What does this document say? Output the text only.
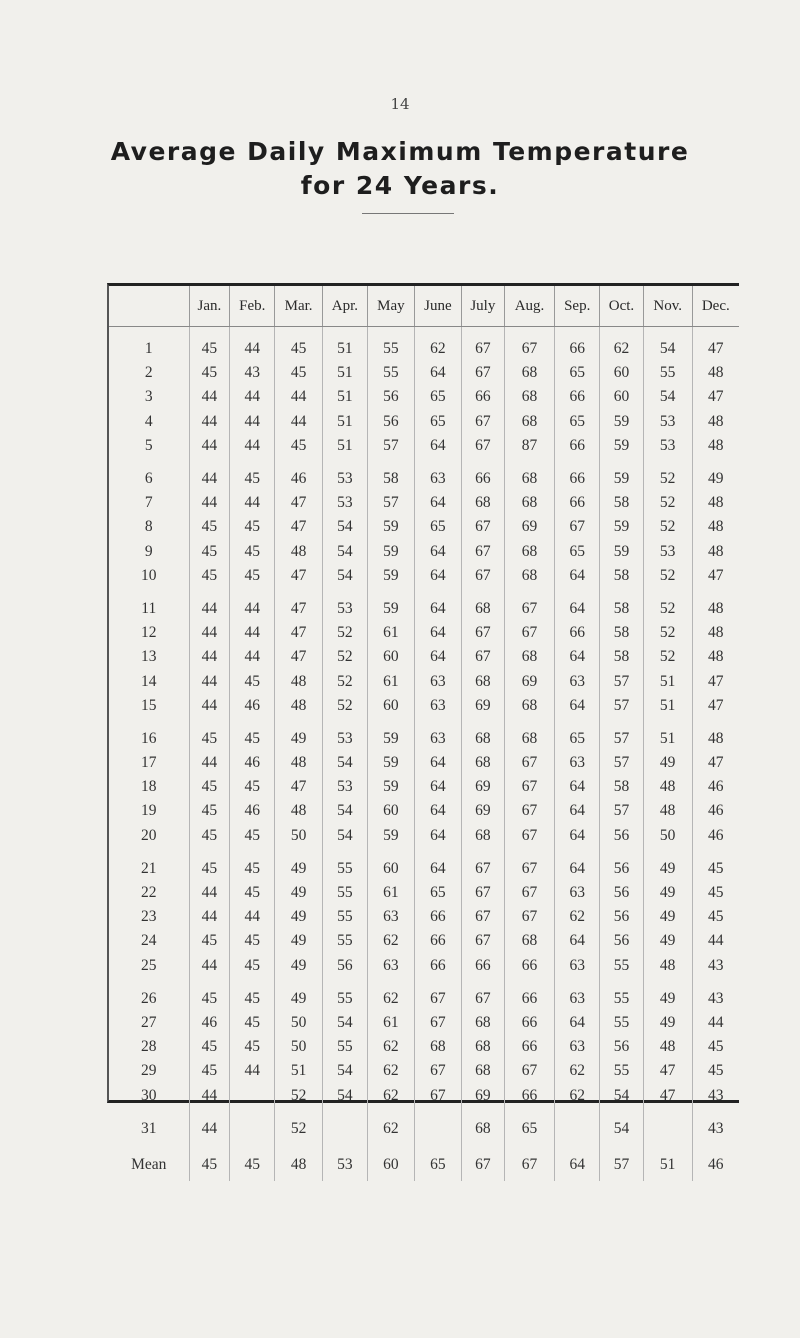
14
Average Daily Maximum Temperature
for 24 Years.
	Jan.	Feb.	Mar.	Apr.	May	June	July	Aug.	Sep.	Oct.	Nov.	Dec.
1	45	44	45	51	55	62	67	67	66	62	54	47
2	45	43	45	51	55	64	67	68	65	60	55	48
3	44	44	44	51	56	65	66	68	66	60	54	47
4	44	44	44	51	56	65	67	68	65	59	53	48
5	44	44	45	51	57	64	67	87	66	59	53	48
6	44	45	46	53	58	63	66	68	66	59	52	49
7	44	44	47	53	57	64	68	68	66	58	52	48
8	45	45	47	54	59	65	67	69	67	59	52	48
9	45	45	48	54	59	64	67	68	65	59	53	48
10	45	45	47	54	59	64	67	68	64	58	52	47
11	44	44	47	53	59	64	68	67	64	58	52	48
12	44	44	47	52	61	64	67	67	66	58	52	48
13	44	44	47	52	60	64	67	68	64	58	52	48
14	44	45	48	52	61	63	68	69	63	57	51	47
15	44	46	48	52	60	63	69	68	64	57	51	47
16	45	45	49	53	59	63	68	68	65	57	51	48
17	44	46	48	54	59	64	68	67	63	57	49	47
18	45	45	47	53	59	64	69	67	64	58	48	46
19	45	46	48	54	60	64	69	67	64	57	48	46
20	45	45	50	54	59	64	68	67	64	56	50	46
21	45	45	49	55	60	64	67	67	64	56	49	45
22	44	45	49	55	61	65	67	67	63	56	49	45
23	44	44	49	55	63	66	67	67	62	56	49	45
24	45	45	49	55	62	66	67	68	64	56	49	44
25	44	45	49	56	63	66	66	66	63	55	48	43
26	45	45	49	55	62	67	67	66	63	55	49	43
27	46	45	50	54	61	67	68	66	64	55	49	44
28	45	45	50	55	62	68	68	66	63	56	48	45
29	45	44	51	54	62	67	68	67	62	55	47	45
30	44		52	54	62	67	69	66	62	54	47	43
31	44		52		62		68	65		54		43
Mean	45	45	48	53	60	65	67	67	64	57	51	46
